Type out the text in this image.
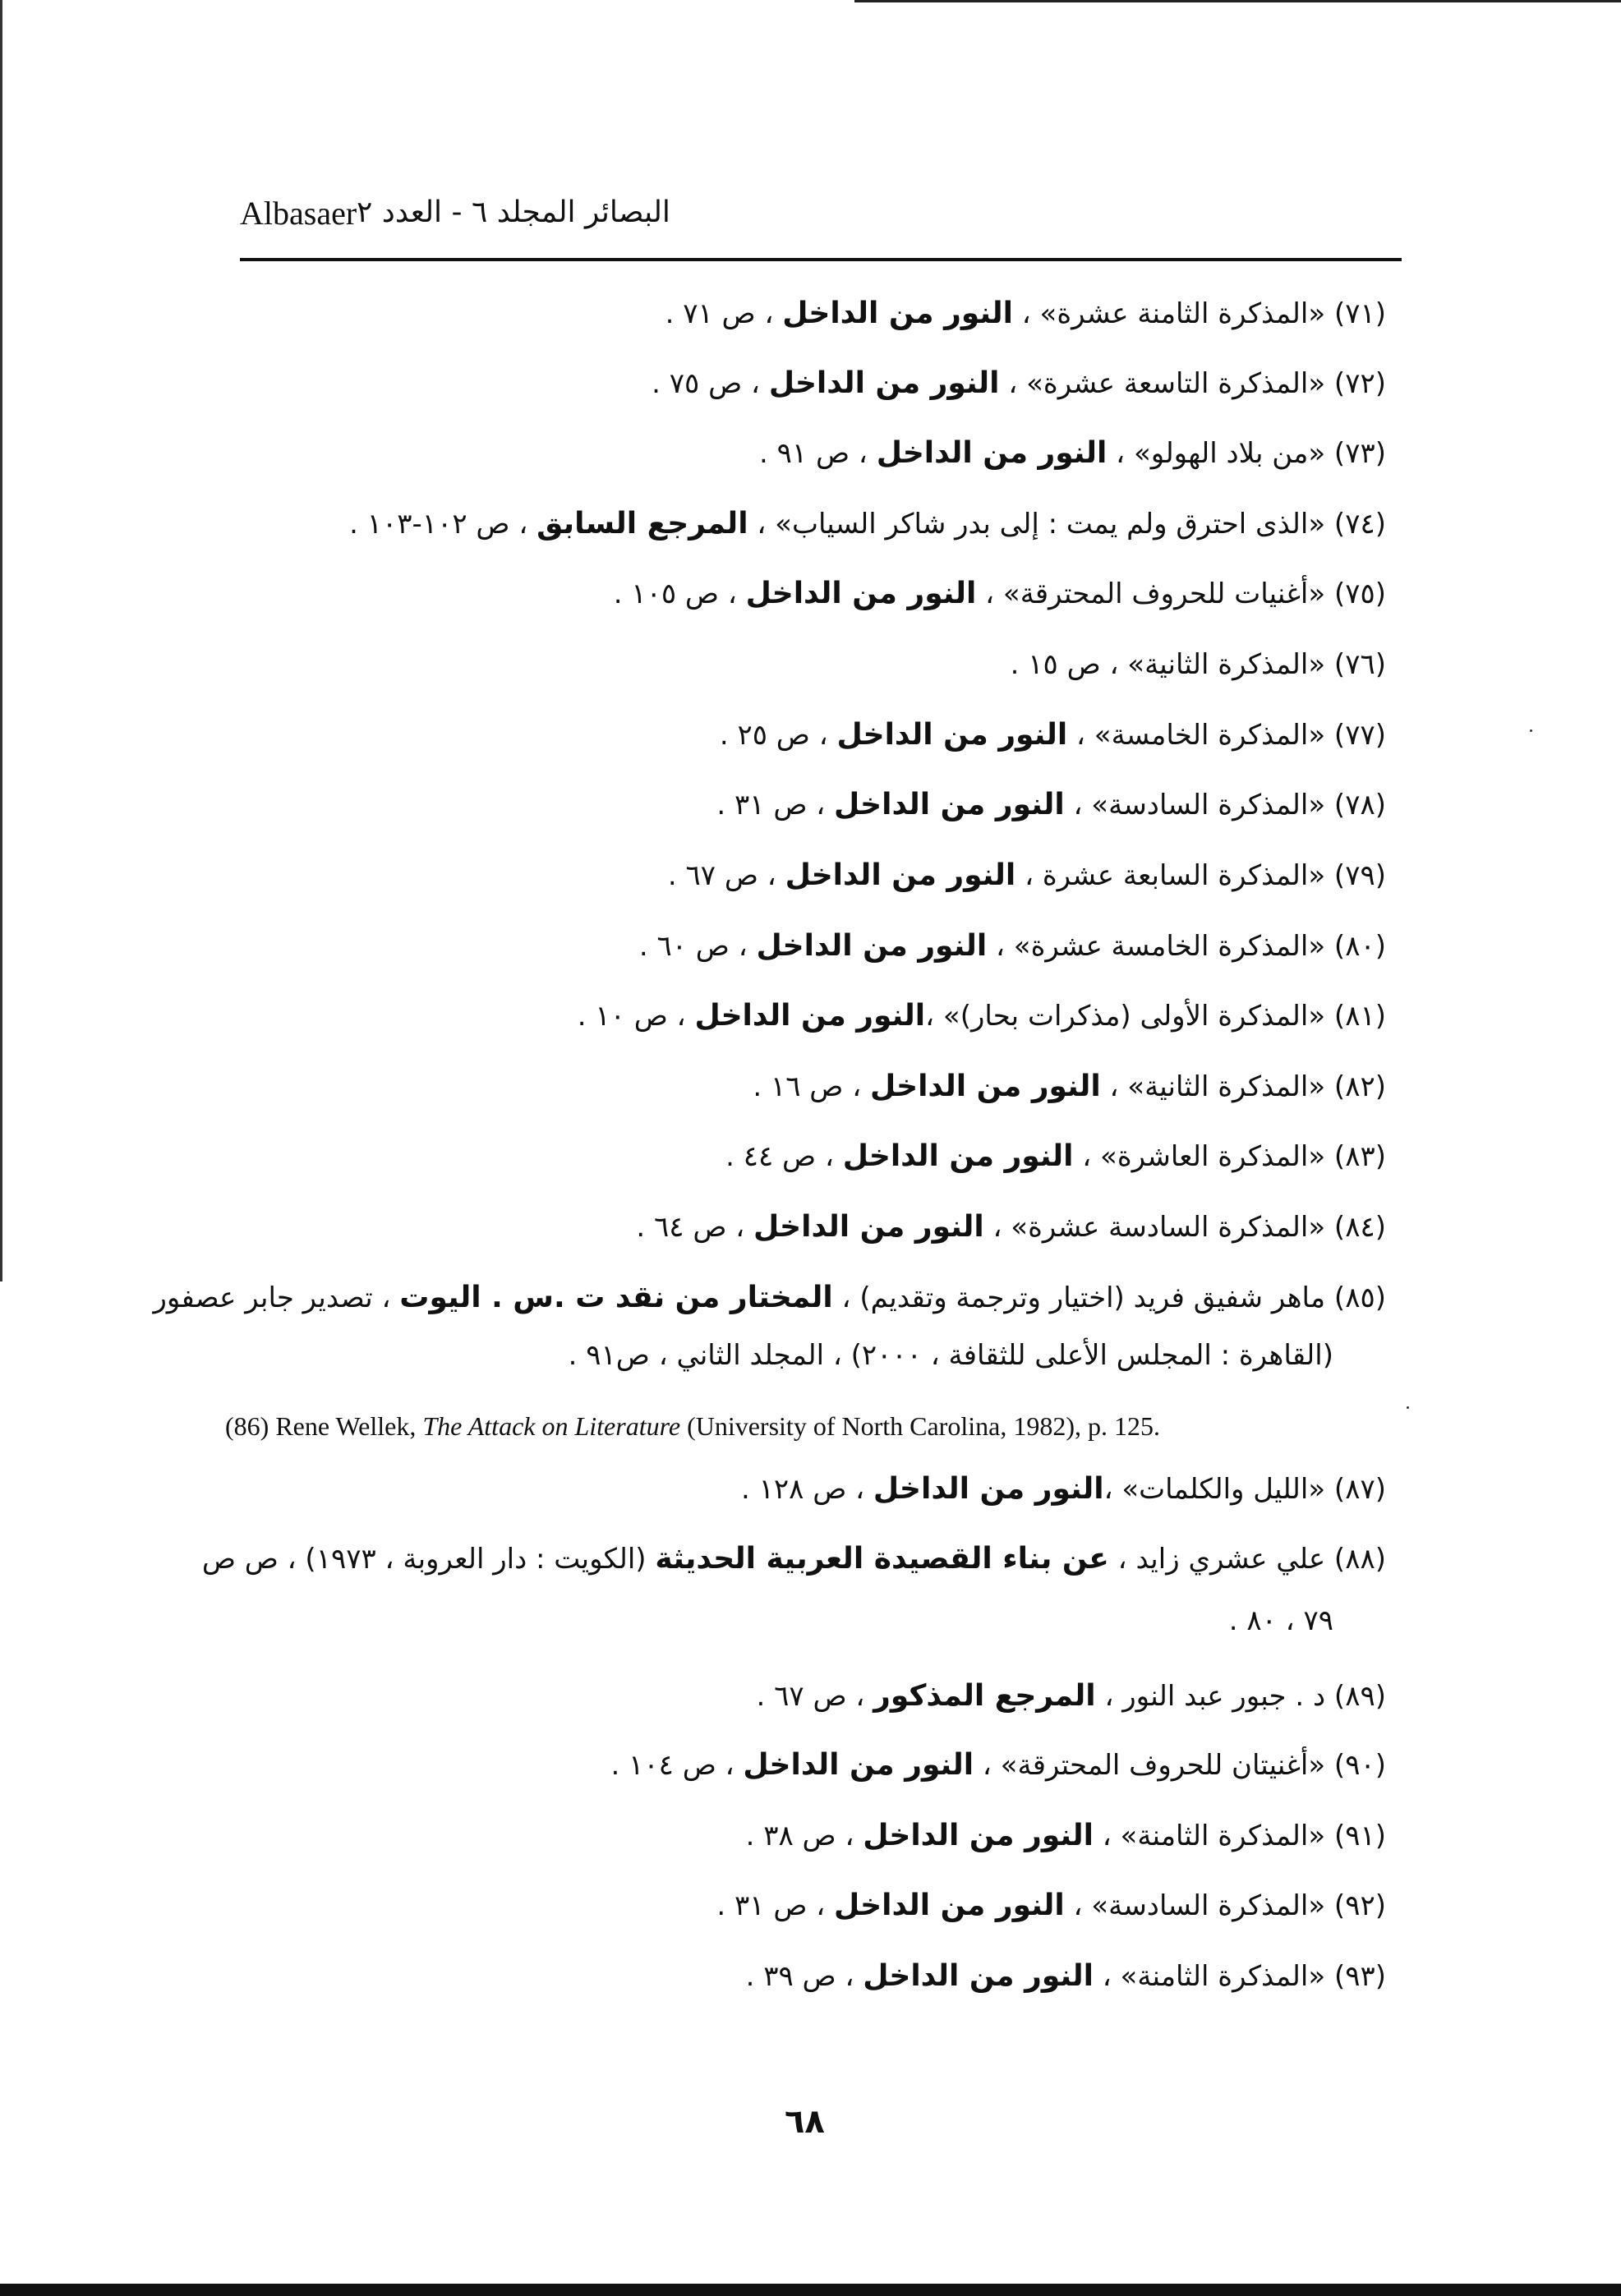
Albasaer البصائر المجلد ٦ - العدد ٢
(٧١) «المذكرة الثامنة عشرة» ، النور من الداخل ، ص ٧١ .
(٧٢) «المذكرة التاسعة عشرة» ، النور من الداخل ، ص ٧٥ .
(٧٣) «من بلاد الهولو» ، النور من الداخل ، ص ٩١ .
(٧٤) «الذى احترق ولم يمت : إلى بدر شاكر السياب» ، المرجع السابق ، ص ١٠٢-١٠٣ .
(٧٥) «أغنيات للحروف المحترقة» ، النور من الداخل ، ص ١٠٥ .
(٧٦) «المذكرة الثانية» ، ص ١٥ .
(٧٧) «المذكرة الخامسة» ، النور من الداخل ، ص ٢٥ .
(٧٨) «المذكرة السادسة» ، النور من الداخل ، ص ٣١ .
(٧٩) «المذكرة السابعة عشرة ، النور من الداخل ، ص ٦٧ .
(٨٠) «المذكرة الخامسة عشرة» ، النور من الداخل ، ص ٦٠ .
(٨١) «المذكرة الأولى (مذكرات بحار)» ،النور من الداخل ، ص ١٠ .
(٨٢) «المذكرة الثانية» ، النور من الداخل ، ص ١٦ .
(٨٣) «المذكرة العاشرة» ، النور من الداخل ، ص ٤٤ .
(٨٤) «المذكرة السادسة عشرة» ، النور من الداخل ، ص ٦٤ .
(٨٥) ماهر شفيق فريد (اختيار وترجمة وتقديم) ، المختار من نقد ت .س . اليوت ، تصدير جابر عصفور
(القاهرة : المجلس الأعلى للثقافة ، ٢٠٠٠) ، المجلد الثاني ، ص٩١ .
(86) Rene Wellek, The Attack on Literature (University of North Carolina, 1982), p. 125.
(٨٧) «الليل والكلمات» ،النور من الداخل ، ص ١٢٨ .
(٨٨) علي عشري زايد ، عن بناء القصيدة العربية الحديثة (الكويت : دار العروبة ، ١٩٧٣) ، ص ص
٧٩ ، ٨٠ .
(٨٩) د . جبور عبد النور ، المرجع المذكور ، ص ٦٧ .
(٩٠) «أغنيتان للحروف المحترقة» ، النور من الداخل ، ص ١٠٤ .
(٩١) «المذكرة الثامنة» ، النور من الداخل ، ص ٣٨ .
(٩٢) «المذكرة السادسة» ، النور من الداخل ، ص ٣١ .
(٩٣) «المذكرة الثامنة» ، النور من الداخل ، ص ٣٩ .
٦٨
